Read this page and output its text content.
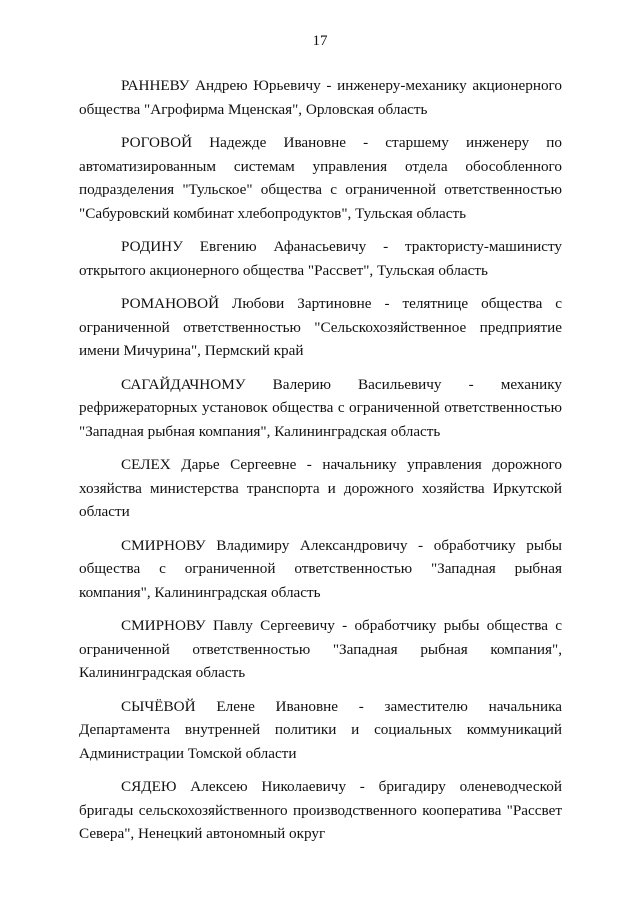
17

РАННЕВУ Андрею Юрьевичу - инженеру-механику акционерного общества "Агрофирма Мценская", Орловская область

РОГОВОЙ Надежде Ивановне - старшему инженеру по автоматизированным системам управления отдела обособленного подразделения "Тульское" общества с ограниченной ответственностью "Сабуровский комбинат хлебопродуктов", Тульская область

РОДИНУ Евгению Афанасьевичу - трактористу-машинисту открытого акционерного общества "Рассвет", Тульская область

РОМАНОВОЙ Любови Зартиновне - телятнице общества с ограниченной ответственностью "Сельскохозяйственное предприятие имени Мичурина", Пермский край

САГАЙДАЧНОМУ Валерию Васильевичу - механику рефрижераторных установок общества с ограниченной ответственностью "Западная рыбная компания", Калининградская область

СЕЛЕХ Дарье Сергеевне - начальнику управления дорожного хозяйства министерства транспорта и дорожного хозяйства Иркутской области

СМИРНОВУ Владимиру Александровичу - обработчику рыбы общества с ограниченной ответственностью "Западная рыбная компания", Калининградская область

СМИРНОВУ Павлу Сергеевичу - обработчику рыбы общества с ограниченной ответственностью "Западная рыбная компания", Калининградская область

СЫЧЁВОЙ Елене Ивановне - заместителю начальника Департамента внутренней политики и социальных коммуникаций Администрации Томской области

СЯДЕЮ Алексею Николаевичу - бригадиру оленеводческой бригады сельскохозяйственного производственного кооператива "Рассвет Севера", Ненецкий автономный округ
